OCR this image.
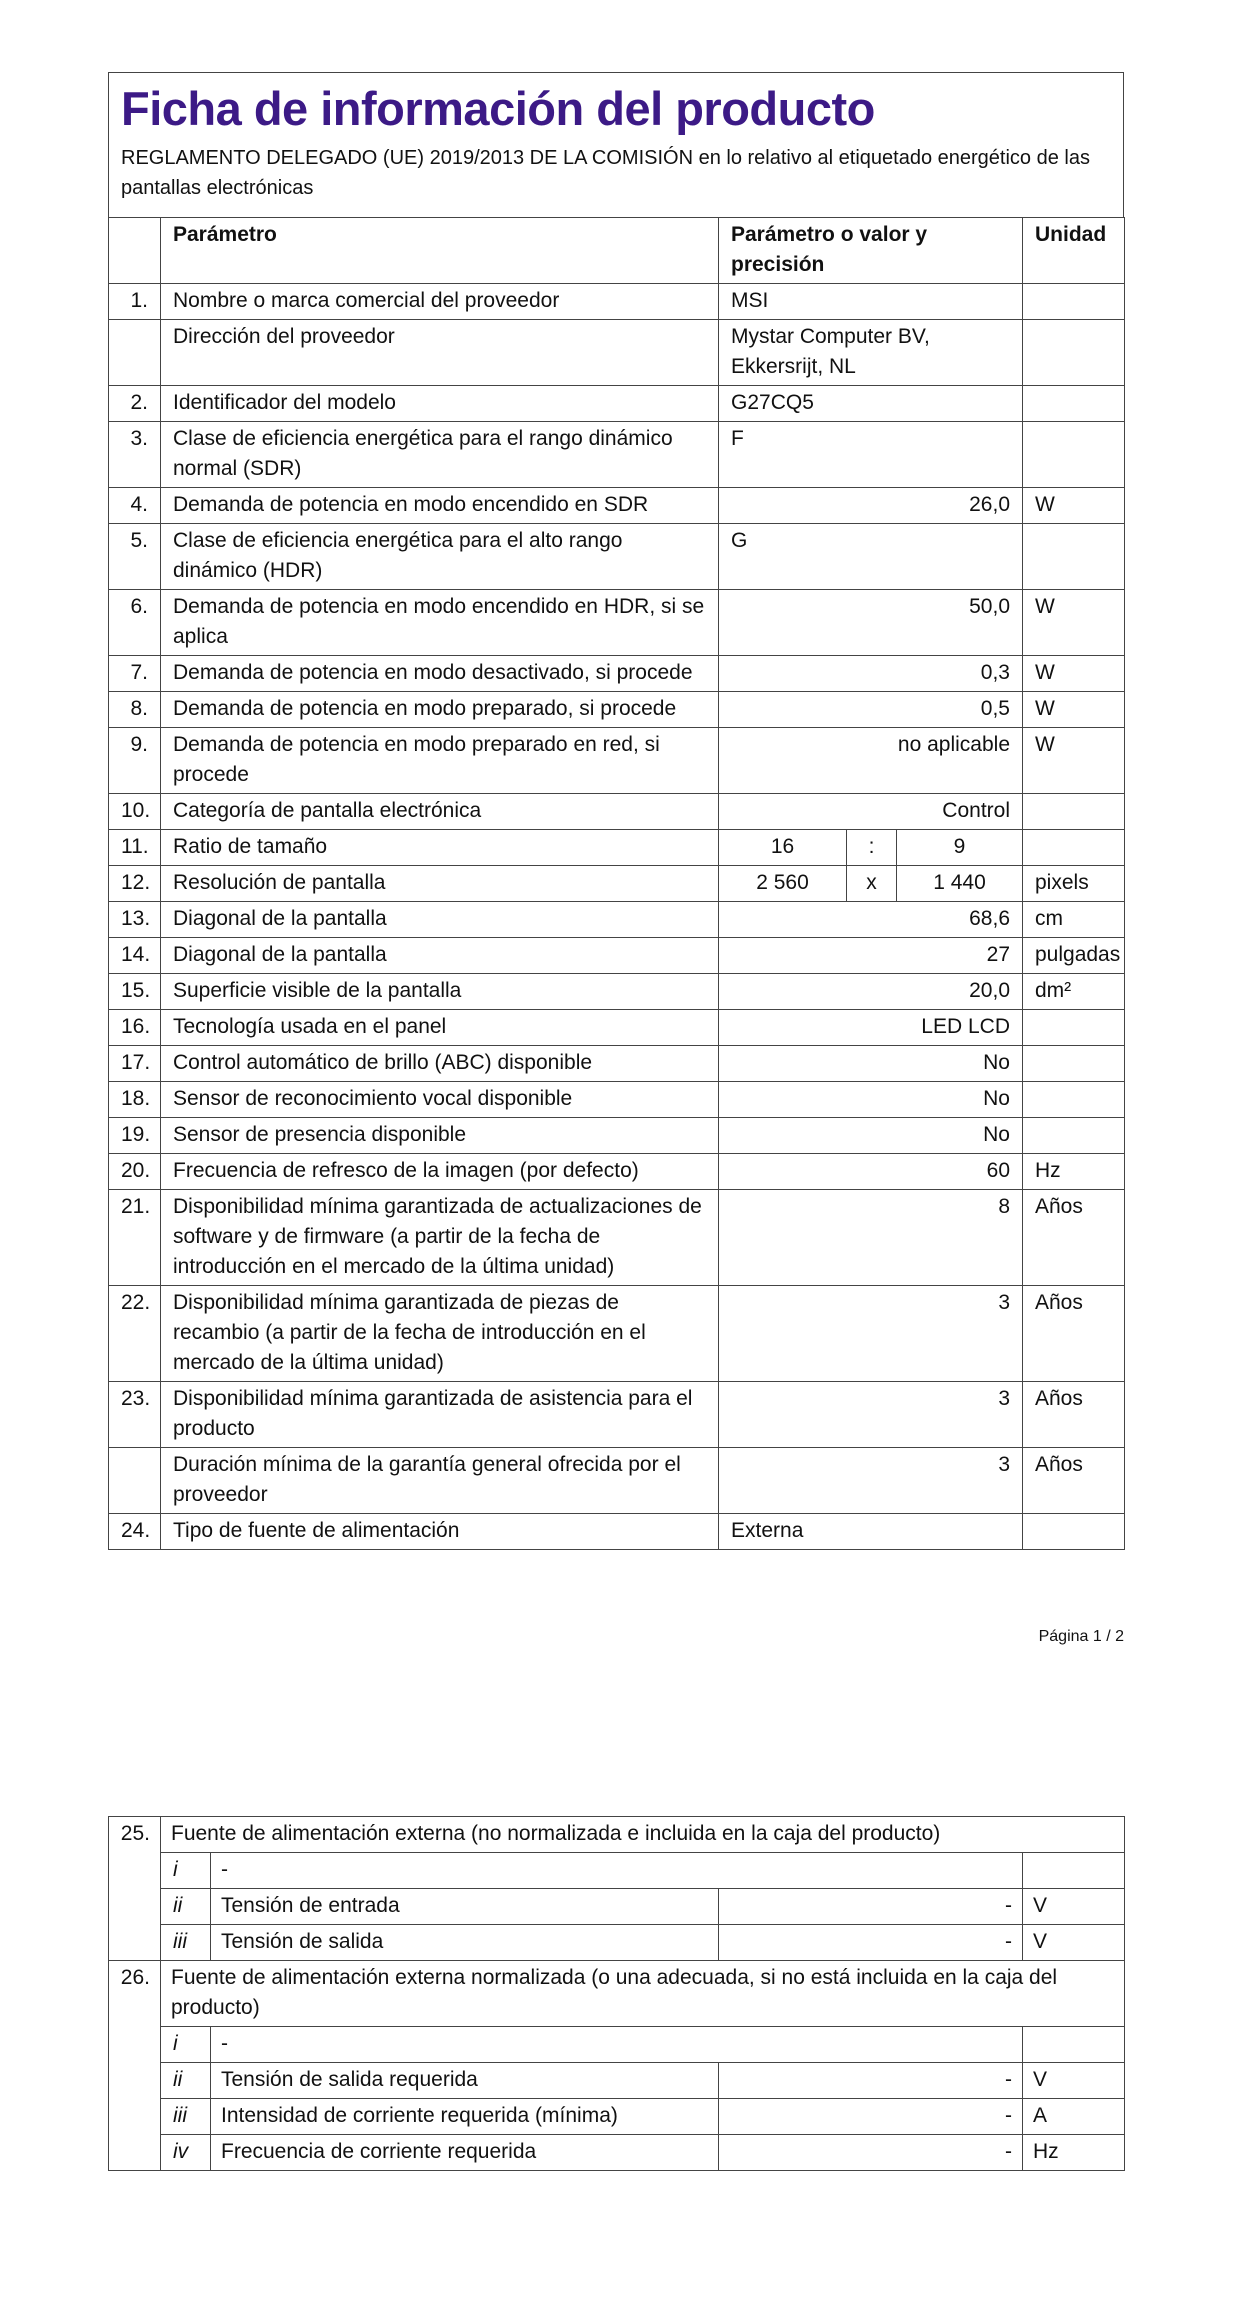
Ficha de información del producto
REGLAMENTO DELEGADO (UE) 2019/2013 DE LA COMISIÓN en lo relativo al etiquetado energético de las pantallas electrónicas
	Parámetro	Parámetro o valor y precisión			Unidad
1.	Nombre o marca comercial del proveedor	MSI			
	Dirección del proveedor	Mystar Computer BV, Ekkersrijt, NL			
2.	Identificador del modelo	G27CQ5			
3.	Clase de eficiencia energética para el rango dinámico normal (SDR)	F			
4.	Demanda de potencia en modo encendido en SDR	26,0			W
5.	Clase de eficiencia energética para el alto rango dinámico (HDR)	G			
6.	Demanda de potencia en modo encendido en HDR, si se aplica	50,0			W
7.	Demanda de potencia en modo desactivado, si procede	0,3			W
8.	Demanda de potencia en modo preparado, si procede	0,5			W
9.	Demanda de potencia en modo preparado en red, si procede	no aplicable			W
10.	Categoría de pantalla electrónica	Control			
11.	Ratio de tamaño	16	:	9	
12.	Resolución de pantalla	2 560	x	1 440	pixels
13.	Diagonal de la pantalla	68,6			cm
14.	Diagonal de la pantalla	27			pulgadas
15.	Superficie visible de la pantalla	20,0			dm²
16.	Tecnología usada en el panel	LED LCD			
17.	Control automático de brillo (ABC) disponible	No			
18.	Sensor de reconocimiento vocal disponible	No			
19.	Sensor de presencia disponible	No			
20.	Frecuencia de refresco de la imagen (por defecto)	60			Hz
21.	Disponibilidad mínima garantizada de actualizaciones de software y de firmware (a partir de la fecha de introducción en el mercado de la última unidad)	8			Años
22.	Disponibilidad mínima garantizada de piezas de recambio (a partir de la fecha de introducción en el mercado de la última unidad)	3			Años
23.	Disponibilidad mínima garantizada de asistencia para el producto	3			Años
	Duración mínima de la garantía general ofrecida por el proveedor	3			Años
24.	Tipo de fuente de alimentación	Externa			
Página 1 / 2
25.	Fuente de alimentación externa (no normalizada e incluida en la caja del producto)			
	i	-		
	ii	Tensión de entrada	-	V
	iii	Tensión de salida	-	V
26.	Fuente de alimentación externa normalizada (o una adecuada, si no está incluida en la caja del producto)			
	i	-		
	ii	Tensión de salida requerida	-	V
	iii	Intensidad de corriente requerida (mínima)	-	A
	iv	Frecuencia de corriente requerida	-	Hz
